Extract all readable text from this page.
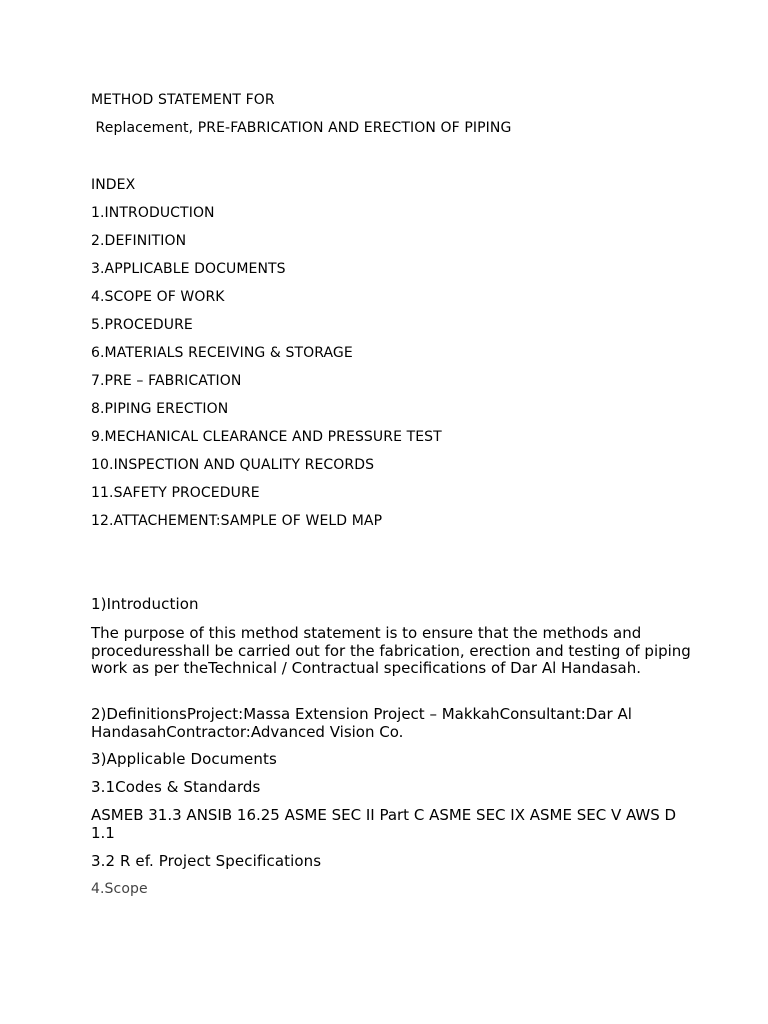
METHOD STATEMENT FOR
Replacement, PRE-FABRICATION AND ERECTION OF PIPING
INDEX
1.INTRODUCTION
2.DEFINITION
3.APPLICABLE DOCUMENTS
4.SCOPE OF WORK
5.PROCEDURE
6.MATERIALS RECEIVING & STORAGE
7.PRE – FABRICATION
8.PIPING ERECTION
9.MECHANICAL CLEARANCE AND PRESSURE TEST
10.INSPECTION AND QUALITY RECORDS
11.SAFETY PROCEDURE
12.ATTACHEMENT:SAMPLE OF WELD MAP
1)Introduction
The purpose of this method statement is to ensure that the methods and proceduresshall be carried out for the fabrication, erection and testing of piping work as per theTechnical / Contractual specifications of Dar Al Handasah.
2)DefinitionsProject:Massa Extension Project – MakkahConsultant:Dar Al HandasahContractor:Advanced Vision Co.
3)Applicable Documents
3.1Codes & Standards
ASMEB 31.3 ANSIB 16.25 ASME SEC II Part C ASME SEC IX ASME SEC V AWS D 1.1
3.2 R ef. Project Specifications
4.Scope
